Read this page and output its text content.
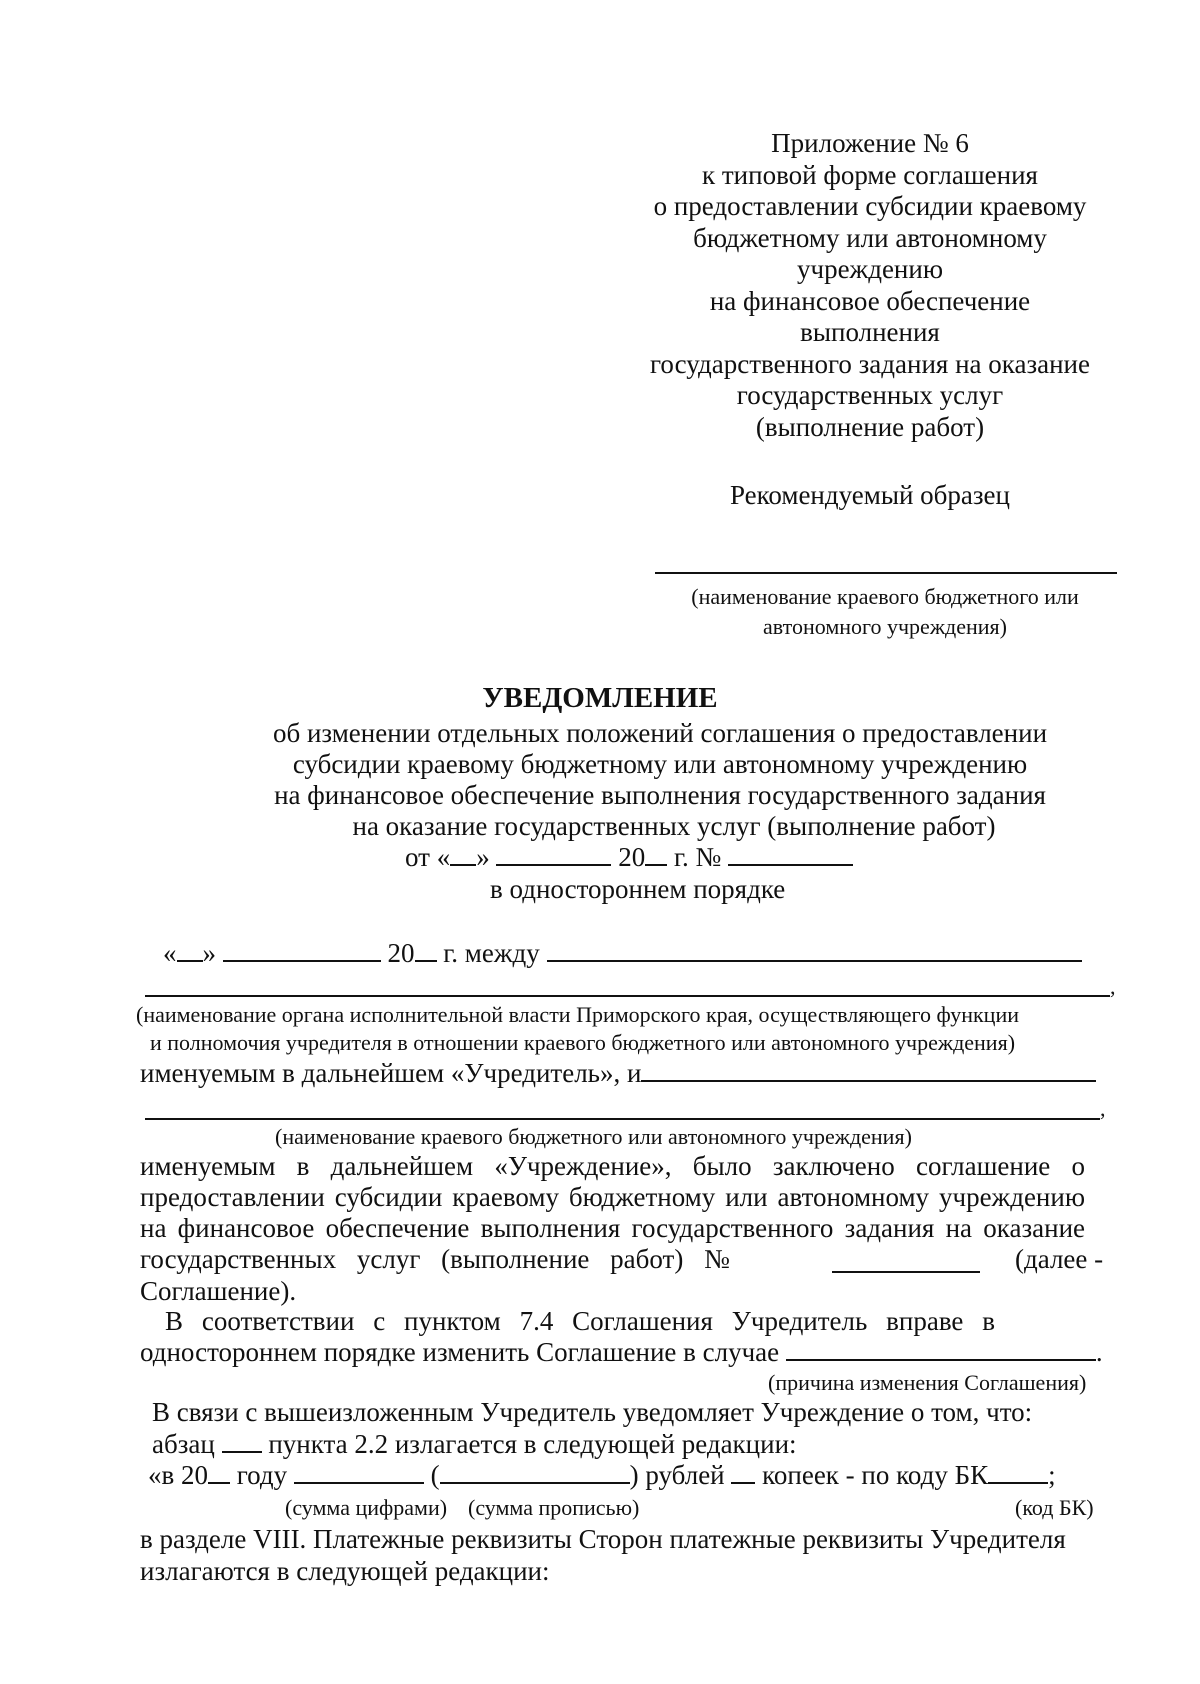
Приложение № 6
к типовой форме соглашения
о предоставлении субсидии краевому
бюджетному или автономному
учреждению
на финансовое обеспечение
выполнения
государственного задания на оказание
государственных услуг
(выполнение работ)
Рекомендуемый образец
(наименование краевого бюджетного или
автономного учреждения)
УВЕДОМЛЕНИЕ
об изменении отдельных положений соглашения о предоставлении
субсидии краевому бюджетному или автономному учреждению
на финансовое обеспечение выполнения государственного задания
на оказание государственных услуг (выполнение работ)
от « »	20 г. №
в одностороннем порядке
« »	20 г. между
,
(наименование органа исполнительной власти Приморского края, осуществляющего функции
и полномочия учредителя в отношении краевого бюджетного или автономного учреждения)
именуемым в дальнейшем «Учредитель», и
,
(наименование краевого бюджетного или автономного учреждения)
именуемым в дальнейшем «Учреждение», было заключено соглашение о
предоставлении субсидии краевому бюджетному или автономному учреждению
на финансовое обеспечение выполнения государственного задания на оказание
государственных услуг (выполнение работ) №	(далее -
Соглашение).
В соответствии с пунктом 7.4 Соглашения Учредитель вправе в
одностороннем порядке изменить Соглашение в случае	.
(причина изменения Соглашения)
В связи с вышеизложенным Учредитель уведомляет Учреждение о том, что:
абзац пункта 2.2 излагается в следующей редакции:
«в 20 году	(	) рублей копеек - по коду БК ;
(сумма цифрами) (сумма прописью)	(код БК)
в разделе VIII. Платежные реквизиты Сторон платежные реквизиты Учредителя
излагаются в следующей редакции:
